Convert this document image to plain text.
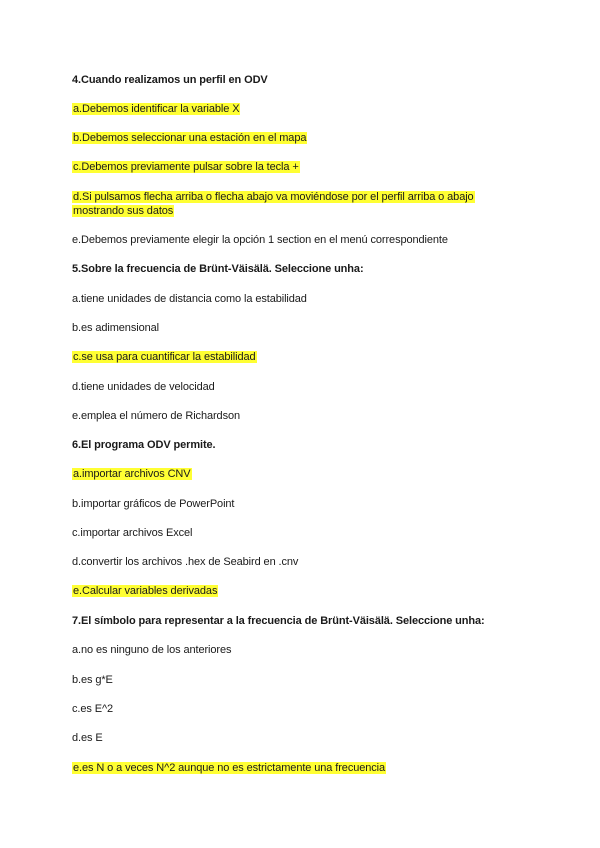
4.Cuando realizamos un perfil en ODV
a.Debemos identificar la variable X
b.Debemos seleccionar una estación en el mapa
c.Debemos previamente pulsar sobre la tecla +
d.Si pulsamos flecha arriba o flecha abajo va moviéndose por el perfil arriba o abajo mostrando sus datos
e.Debemos previamente elegir la opción 1 section en el menú correspondiente
5.Sobre la frecuencia de Brünt-Väisälä. Seleccione unha:
a.tiene unidades de distancia como la estabilidad
b.es adimensional
c.se usa para cuantificar la estabilidad
d.tiene unidades de velocidad
e.emplea el número de Richardson
6.El programa ODV permite.
a.importar archivos CNV
b.importar gráficos de PowerPoint
c.importar archivos Excel
d.convertir los archivos .hex de Seabird en .cnv
e.Calcular variables derivadas
7.El símbolo para representar a la frecuencia de Brünt-Väisälä. Seleccione unha:
a.no es ninguno de los anteriores
b.es g*E
c.es E^2
d.es E
e.es N o a veces N^2 aunque no es estrictamente una frecuencia
